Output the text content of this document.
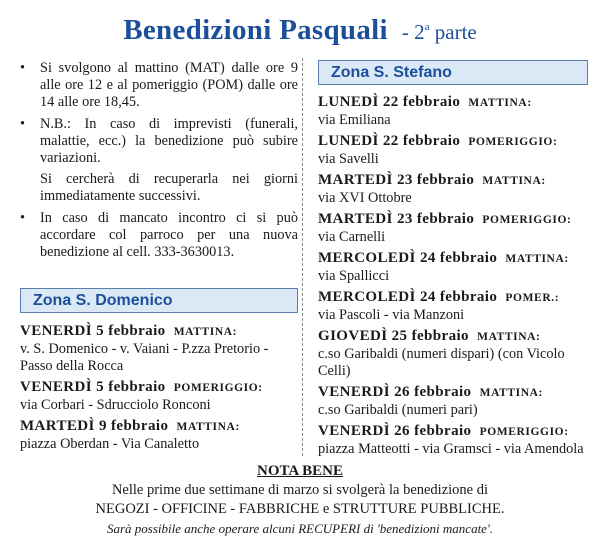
Benedizioni Pasquali - 2$^a$ parte
• Si svolgono al mattino (MAT) dalle ore 9 alle ore 12 e al pomeriggio (POM) dalle ore 14 alle ore 18,45.
• N.B.: In caso di imprevisti (funerali, malattie, ecc.) la benedizione può subire variazioni.
Si cercherà di recuperarla nei giorni immediatamente successivi.
• In caso di mancato incontro ci si può accordare col parroco per una nuova benedizione al cell. 333-3630013.
Zona S. Domenico
VENERDÌ 5 febbraio MATTINA:
v. S. Domenico - v. Vaiani - P.zza Pretorio - Passo della Rocca
VENERDÌ 5 febbraio POMERIGGIO:
via Corbari - Sdrucciolo Ronconi
MARTEDÌ 9 febbraio MATTINA:
piazza Oberdan - Via Canaletto
Zona S. Stefano
LUNEDÌ 22 febbraio MATTINA:
via Emiliana
LUNEDÌ 22 febbraio POMERIGGIO:
via Savelli
MARTEDÌ 23 febbraio MATTINA:
via XVI Ottobre
MARTEDÌ 23 febbraio POMERIGGIO:
via Carnelli
MERCOLEDÌ 24 febbraio MATTINA:
via Spallicci
MERCOLEDÌ 24 febbraio POMER.:
via Pascoli - via Manzoni
GIOVEDÌ 25 febbraio MATTINA:
c.so Garibaldi (numeri dispari) (con Vicolo Celli)
VENERDÌ 26 febbraio MATTINA:
c.so Garibaldi (numeri pari)
VENERDÌ 26 febbraio POMERIGGIO:
piazza Matteotti - via Gramsci - via Amendola
NOTA BENE
Nelle prime due settimane di marzo si svolgerà la benedizione di
NEGOZI - OFFICINE - FABBRICHE e STRUTTURE PUBBLICHE.
Sarà possibile anche operare alcuni RECUPERI di 'benedizioni mancate'.
